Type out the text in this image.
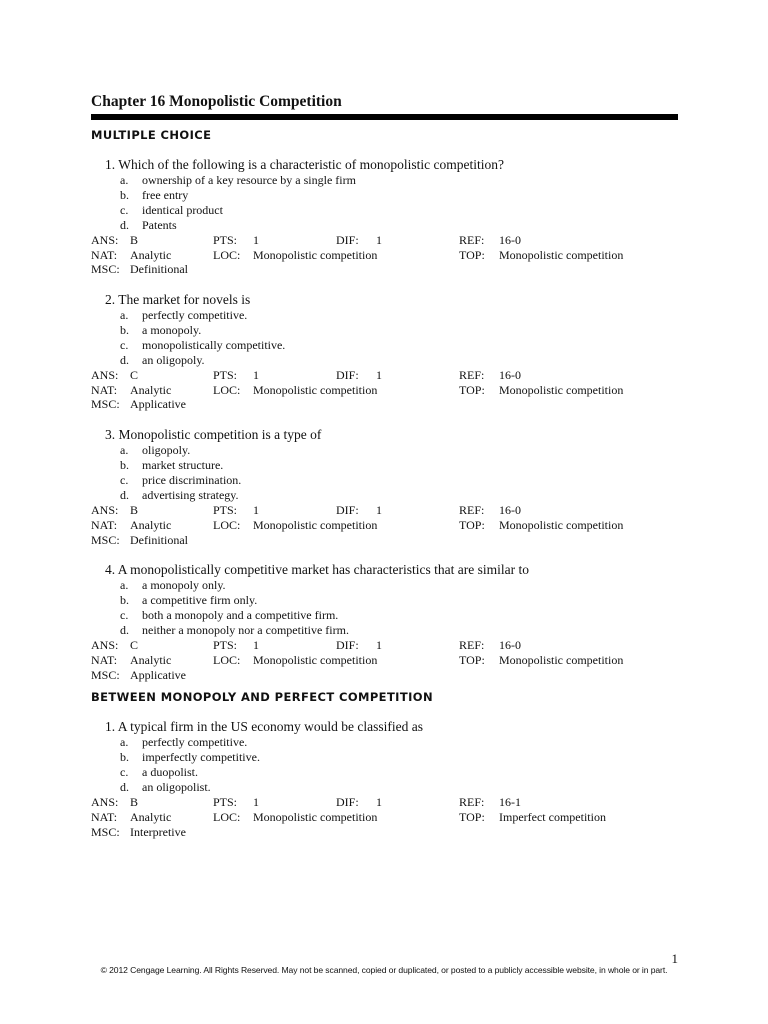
Chapter 16 Monopolistic Competition
MULTIPLE CHOICE
1. Which of the following is a characteristic of monopolistic competition?
a.	ownership of a key resource by a single firm
b.	free entry
c.	identical product
d.	Patents
ANS: B	PTS: 1	DIF: 1	REF: 16-0
NAT: Analytic	LOC: Monopolistic competition	TOP: Monopolistic competition
MSC: Definitional
2. The market for novels is
a.	perfectly competitive.
b.	a monopoly.
c.	monopolistically competitive.
d.	an oligopoly.
ANS: C	PTS: 1	DIF: 1	REF: 16-0
NAT: Analytic	LOC: Monopolistic competition	TOP: Monopolistic competition
MSC: Applicative
3. Monopolistic competition is a type of
a.	oligopoly.
b.	market structure.
c.	price discrimination.
d.	advertising strategy.
ANS: B	PTS: 1	DIF: 1	REF: 16-0
NAT: Analytic	LOC: Monopolistic competition	TOP: Monopolistic competition
MSC: Definitional
4. A monopolistically competitive market has characteristics that are similar to
a.	a monopoly only.
b.	a competitive firm only.
c.	both a monopoly and a competitive firm.
d.	neither a monopoly nor a competitive firm.
ANS: C	PTS: 1	DIF: 1	REF: 16-0
NAT: Analytic	LOC: Monopolistic competition	TOP: Monopolistic competition
MSC: Applicative
BETWEEN MONOPOLY AND PERFECT COMPETITION
1. A typical firm in the US economy would be classified as
a.	perfectly competitive.
b.	imperfectly competitive.
c.	a duopolist.
d.	an oligopolist.
ANS: B	PTS: 1	DIF: 1	REF: 16-1
NAT: Analytic	LOC: Monopolistic competition	TOP: Imperfect competition
MSC: Interpretive
1
© 2012 Cengage Learning. All Rights Reserved. May not be scanned, copied or duplicated, or posted to a publicly accessible website, in whole or in part.
